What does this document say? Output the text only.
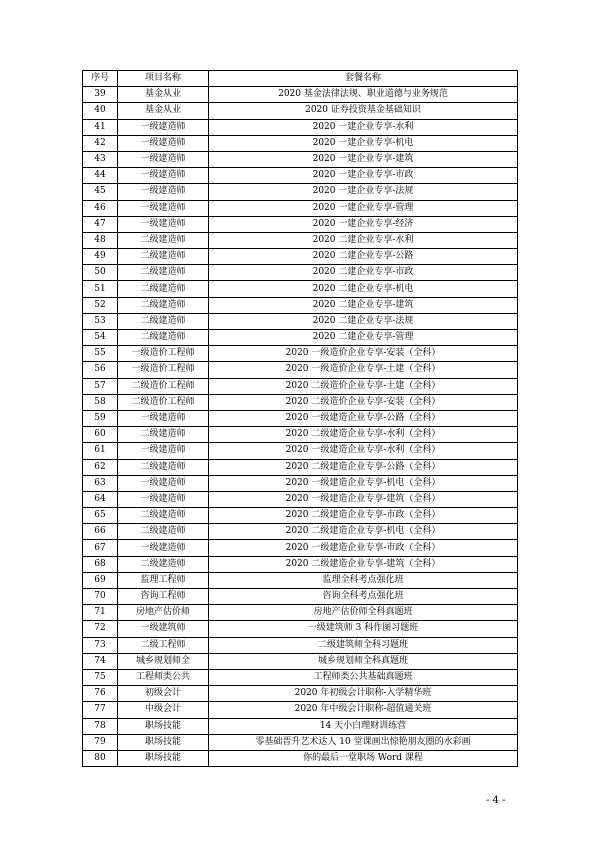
序号	项目名称	套餐名称
39	基金从业	2020 基金法律法规、职业道德与业务规范
40	基金从业	2020 证券投资基金基础知识
41	一级建造师	2020 一建企业专享-水利
42	一级建造师	2020 一建企业专享-机电
43	一级建造师	2020 一建企业专享-建筑
44	一级建造师	2020 一建企业专享-市政
45	一级建造师	2020 一建企业专享-法规
46	一级建造师	2020 一建企业专享-管理
47	一级建造师	2020 一建企业专享-经济
48	二级建造师	2020 二建企业专享-水利
49	二级建造师	2020 二建企业专享-公路
50	二级建造师	2020 二建企业专享-市政
51	二级建造师	2020 二建企业专享-机电
52	二级建造师	2020 二建企业专享-建筑
53	二级建造师	2020 二建企业专享-法规
54	二级建造师	2020 二建企业专享-管理
55	一级造价工程师	2020 一级造价企业专享-安装（全科）
56	一级造价工程师	2020 一级造价企业专享-土建（全科）
57	二级造价工程师	2020 二级造价企业专享-土建（全科）
58	二级造价工程师	2020 二级造价企业专享-安装（全科）
59	一级建造师	2020 一级建造企业专享-公路（全科）
60	二级建造师	2020 二级建造企业专享-水利（全科）
61	一级建造师	2020 一级建造企业专享-水利（全科）
62	二级建造师	2020 二级建造企业专享-公路（全科）
63	一级建造师	2020 一级建造企业专享-机电（全科）
64	一级建造师	2020 一级建造企业专享-建筑（全科）
65	二级建造师	2020 二级建造企业专享-市政（全科）
66	二级建造师	2020 二级建造企业专享-机电（全科）
67	一级建造师	2020 一级建造企业专享-市政（全科）
68	二级建造师	2020 二级建造企业专享-建筑（全科）
69	监理工程师	监理全科考点强化班
70	咨询工程师	咨询全科考点强化班
71	房地产估价师	房地产估价师全科真题班
72	一级建筑师	一级建筑师 3 科作图习题班
73	二级工程师	二级建筑师全科习题班
74	城乡规划师全	城乡规划师全科真题班
75	工程师类公共	工程师类公共基础真题班
76	初级会计	2020 年初级会计职称-入学精华班
77	中级会计	2020 年中级会计职称-超值通关班
78	职场技能	14 天小白理财训练营
79	职场技能	零基础晋升艺术达人 10 堂课画出惊艳朋友圈的水彩画
80	职场技能	你的最后一堂职场 Word 课程
- 4 -
